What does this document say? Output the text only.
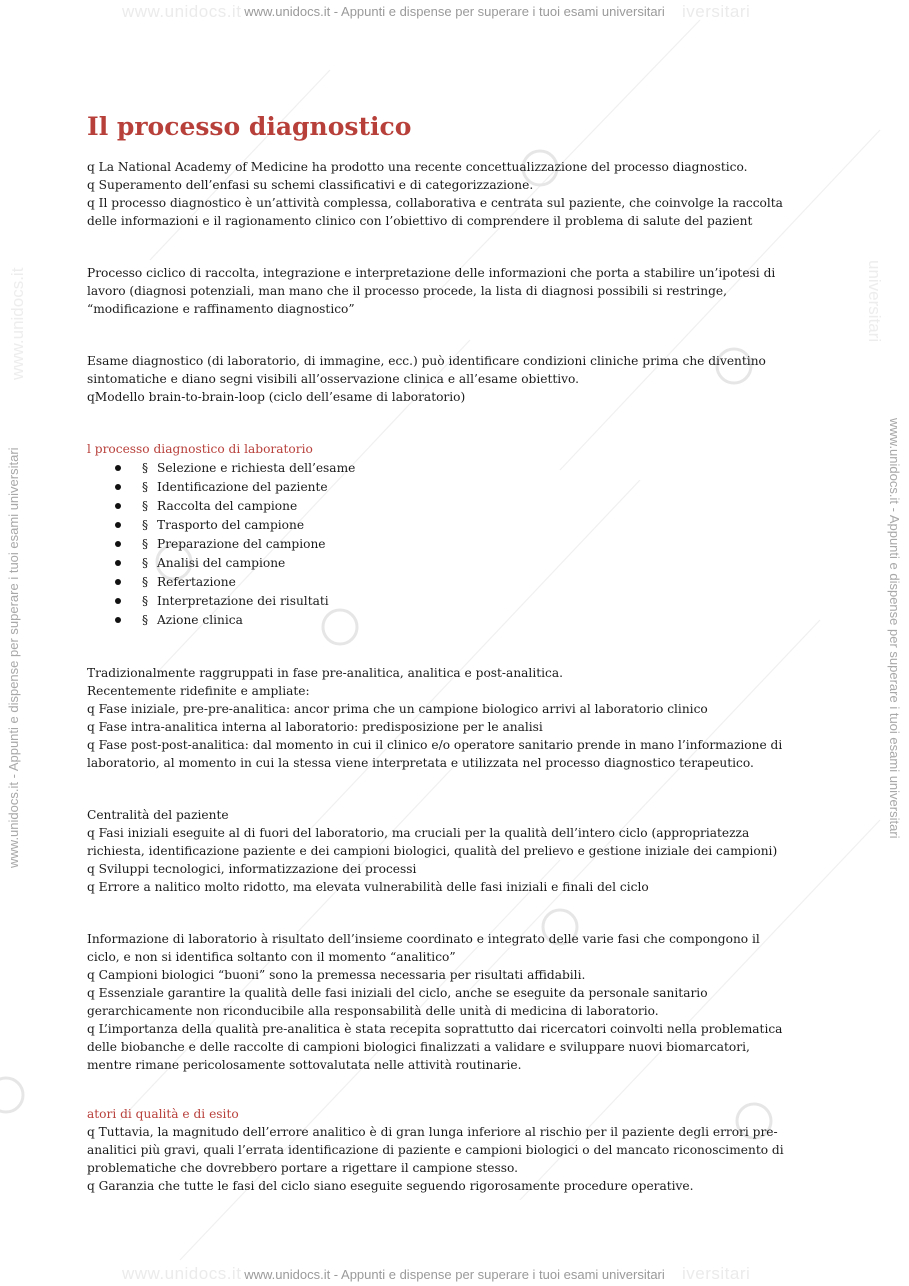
www.unidocs.it	iversitari
www.unidocs.it	iversitari
www.unidocs.it	universitari
www.unidocs.it - Appunti e dispense per superare i tuoi esami universitari
www.unidocs.it - Appunti e dispense per superare i tuoi esami universitari
www.unidocs.it - Appunti e dispense per superare i tuoi esami universitari	www.unidocs.it - Appunti e dispense per superare i tuoi esami universitari
Il processo diagnostico

q La National Academy of Medicine ha prodotto una recente concettualizzazione del processo diagnostico.

q Superamento dell’enfasi su schemi classificativi e di categorizzazione.

q Il processo diagnostico è un’attività complessa, collaborativa e centrata sul paziente, che coinvolge la raccolta

delle informazioni e il ragionamento clinico con l’obiettivo di comprendere il problema di salute del pazient

Processo ciclico di raccolta, integrazione e interpretazione delle informazioni che porta a stabilire un’ipotesi di

lavoro (diagnosi potenziali, man mano che il processo procede, la lista di diagnosi possibili si restringe,

“modificazione e raffinamento diagnostico”

Esame diagnostico (di laboratorio, di immagine, ecc.) può identificare condizioni cliniche prima che diventino

sintomatiche e diano segni visibili all’osservazione clinica e all’esame obiettivo.

qModello brain-to-brain-loop (ciclo dell’esame di laboratorio)

l processo diagnostico di laboratorio

§ Selezione e richiesta dell’esame
§ Identificazione del paziente
§ Raccolta del campione
§ Trasporto del campione
§ Preparazione del campione
§ Analisi del campione
§ Refertazione
§ Interpretazione dei risultati
§ Azione clinica

Tradizionalmente raggruppati in fase pre-analitica, analitica e post-analitica.

Recentemente ridefinite e ampliate:

q Fase iniziale, pre-pre-analitica: ancor prima che un campione biologico arrivi al laboratorio clinico

q Fase intra-analitica interna al laboratorio: predisposizione per le analisi

q Fase post-post-analitica: dal momento in cui il clinico e/o operatore sanitario prende in mano l’informazione di

laboratorio, al momento in cui la stessa viene interpretata e utilizzata nel processo diagnostico terapeutico.

Centralità del paziente

q Fasi iniziali eseguite al di fuori del laboratorio, ma cruciali per la qualità dell’intero ciclo (appropriatezza

richiesta, identificazione paziente e dei campioni biologici, qualità del prelievo e gestione iniziale dei campioni)

q Sviluppi tecnologici, informatizzazione dei processi

q Errore a nalitico molto ridotto, ma elevata vulnerabilità delle fasi iniziali e finali del ciclo

Informazione di laboratorio à risultato dell’insieme coordinato e integrato delle varie fasi che compongono il

ciclo, e non si identifica soltanto con il momento “analitico”

q Campioni biologici “buoni” sono la premessa necessaria per risultati affidabili.

q Essenziale garantire la qualità delle fasi iniziali del ciclo, anche se eseguite da personale sanitario

gerarchicamente non riconducibile alla responsabilità delle unità di medicina di laboratorio.

q L’importanza della qualità pre-analitica è stata recepita soprattutto dai ricercatori coinvolti nella problematica

delle biobanche e delle raccolte di campioni biologici finalizzati a validare e sviluppare nuovi biomarcatori,

mentre rimane pericolosamente sottovalutata nelle attività routinarie.

atori di qualità e di esito

q Tuttavia, la magnitudo dell’errore analitico è di gran lunga inferiore al rischio per il paziente degli errori pre-

analitici più gravi, quali l’errata identificazione di paziente e campioni biologici o del mancato riconoscimento di

problematiche che dovrebbero portare a rigettare il campione stesso.

q Garanzia che tutte le fasi del ciclo siano eseguite seguendo rigorosamente procedure operative.
